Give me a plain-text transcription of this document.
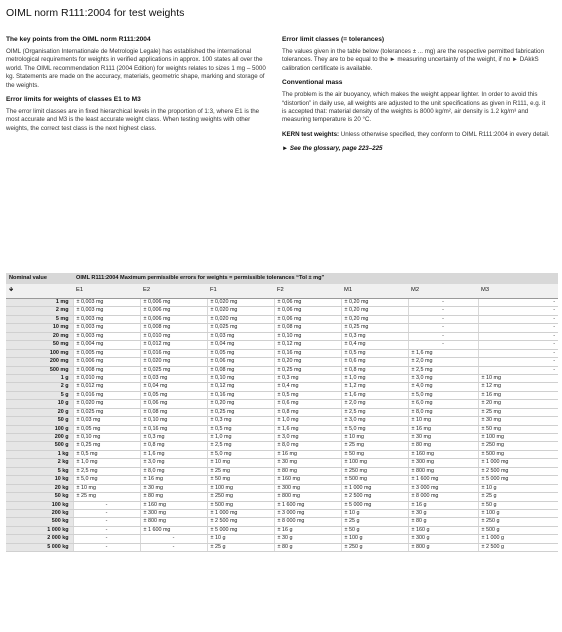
OIML norm R111:2004 for test weights
The key points from the OIML norm R111:2004
OIML (Organisation Internationale de Metrologie Legale) has established the international metrological requirements for weights in verified applications in approx. 100 states all over the world. The OIML recommendation R111 (2004 Edition) for weights relates to sizes 1 mg – 5000 kg. Statements are made on the accuracy, materials, geometric shape, marking and storage of the weights.
Error limits for weights of classes E1 to M3
The error limit classes are in fixed hierarchical levels in the proportion of 1:3, where E1 is the most accurate and M3 is the least accurate weight class. When testing weights with other weights, the correct test class is the next highest class.
Error limit classes (= tolerances)
The values given in the table below (tolerances ± ... mg) are the respective permitted fabrication tolerances. They are to be equal to the ► measuring uncertainty of the weight, if no ► DAkkS calibration certificate is available.
Conventional mass
The problem is the air buoyancy, which makes the weight appear lighter. In order to avoid this “distortion” in daily use, all weights are adjusted to the unit specifications as given in R111, e.g. it is accepted that: material density of the weights is 8000 kg/m², air density is 1.2 kg/m³ and measuring temperature is 20 °C.
KERN test weights: Unless otherwise specified, they conform to OIML R111:2004 in every detail.
► See the glossary, page 223–225
Nominal value	OIML R111:2004 Maximum permissible errors for weights = permissible tolerances “Tol ± mg”						
🡻	E1	E2	F1	F2	M1	M2	M3
1 mg	± 0,003 mg	± 0,006 mg	± 0,020 mg	± 0,06 mg	± 0,20 mg	-	-
2 mg	± 0,003 mg	± 0,006 mg	± 0,020 mg	± 0,06 mg	± 0,20 mg	-	-
5 mg	± 0,003 mg	± 0,006 mg	± 0,020 mg	± 0,06 mg	± 0,20 mg	-	-
10 mg	± 0,003 mg	± 0,008 mg	± 0,025 mg	± 0,08 mg	± 0,25 mg	-	-
20 mg	± 0,003 mg	± 0,010 mg	± 0,03 mg	± 0,10 mg	± 0,3 mg	-	-
50 mg	± 0,004 mg	± 0,012 mg	± 0,04 mg	± 0,12 mg	± 0,4 mg	-	-
100 mg	± 0,005 mg	± 0,016 mg	± 0,05 mg	± 0,16 mg	± 0,5 mg	± 1,6 mg	-
200 mg	± 0,006 mg	± 0,020 mg	± 0,06 mg	± 0,20 mg	± 0,6 mg	± 2,0 mg	-
500 mg	± 0,008 mg	± 0,025 mg	± 0,08 mg	± 0,25 mg	± 0,8 mg	± 2,5 mg	-
1 g	± 0,010 mg	± 0,03 mg	± 0,10 mg	± 0,3 mg	± 1,0 mg	± 3,0 mg	± 10 mg
2 g	± 0,012 mg	± 0,04 mg	± 0,12 mg	± 0,4 mg	± 1,2 mg	± 4,0 mg	± 12 mg
5 g	± 0,016 mg	± 0,05 mg	± 0,16 mg	± 0,5 mg	± 1,6 mg	± 5,0 mg	± 16 mg
10 g	± 0,020 mg	± 0,06 mg	± 0,20 mg	± 0,6 mg	± 2,0 mg	± 6,0 mg	± 20 mg
20 g	± 0,025 mg	± 0,08 mg	± 0,25 mg	± 0,8 mg	± 2,5 mg	± 8,0 mg	± 25 mg
50 g	± 0,03 mg	± 0,10 mg	± 0,3 mg	± 1,0 mg	± 3,0 mg	± 10 mg	± 30 mg
100 g	± 0,05 mg	± 0,16 mg	± 0,5 mg	± 1,6 mg	± 5,0 mg	± 16 mg	± 50 mg
200 g	± 0,10 mg	± 0,3 mg	± 1,0 mg	± 3,0 mg	± 10 mg	± 30 mg	± 100 mg
500 g	± 0,25 mg	± 0,8 mg	± 2,5 mg	± 8,0 mg	± 25 mg	± 80 mg	± 250 mg
1 kg	± 0,5 mg	± 1,6 mg	± 5,0 mg	± 16 mg	± 50 mg	± 160 mg	± 500 mg
2 kg	± 1,0 mg	± 3,0 mg	± 10 mg	± 30 mg	± 100 mg	± 300 mg	± 1 000 mg
5 kg	± 2,5 mg	± 8,0 mg	± 25 mg	± 80 mg	± 250 mg	± 800 mg	± 2 500 mg
10 kg	± 5,0 mg	± 16 mg	± 50 mg	± 160 mg	± 500 mg	± 1 600 mg	± 5 000 mg
20 kg	± 10 mg	± 30 mg	± 100 mg	± 300 mg	± 1 000 mg	± 3 000 mg	± 10 g
50 kg	± 25 mg	± 80 mg	± 250 mg	± 800 mg	± 2 500 mg	± 8 000 mg	± 25 g
100 kg	-	± 160 mg	± 500 mg	± 1 600 mg	± 5 000 mg	± 16 g	± 50 g
200 kg	-	± 300 mg	± 1 000 mg	± 3 000 mg	± 10 g	± 30 g	± 100 g
500 kg	-	± 800 mg	± 2 500 mg	± 8 000 mg	± 25 g	± 80 g	± 250 g
1 000 kg	-	± 1 600 mg	± 5 000 mg	± 16 g	± 50 g	± 160 g	± 500 g
2 000 kg	-	-	± 10 g	± 30 g	± 100 g	± 300 g	± 1 000 g
5 000 kg	-	-	± 25 g	± 80 g	± 250 g	± 800 g	± 2 500 g
